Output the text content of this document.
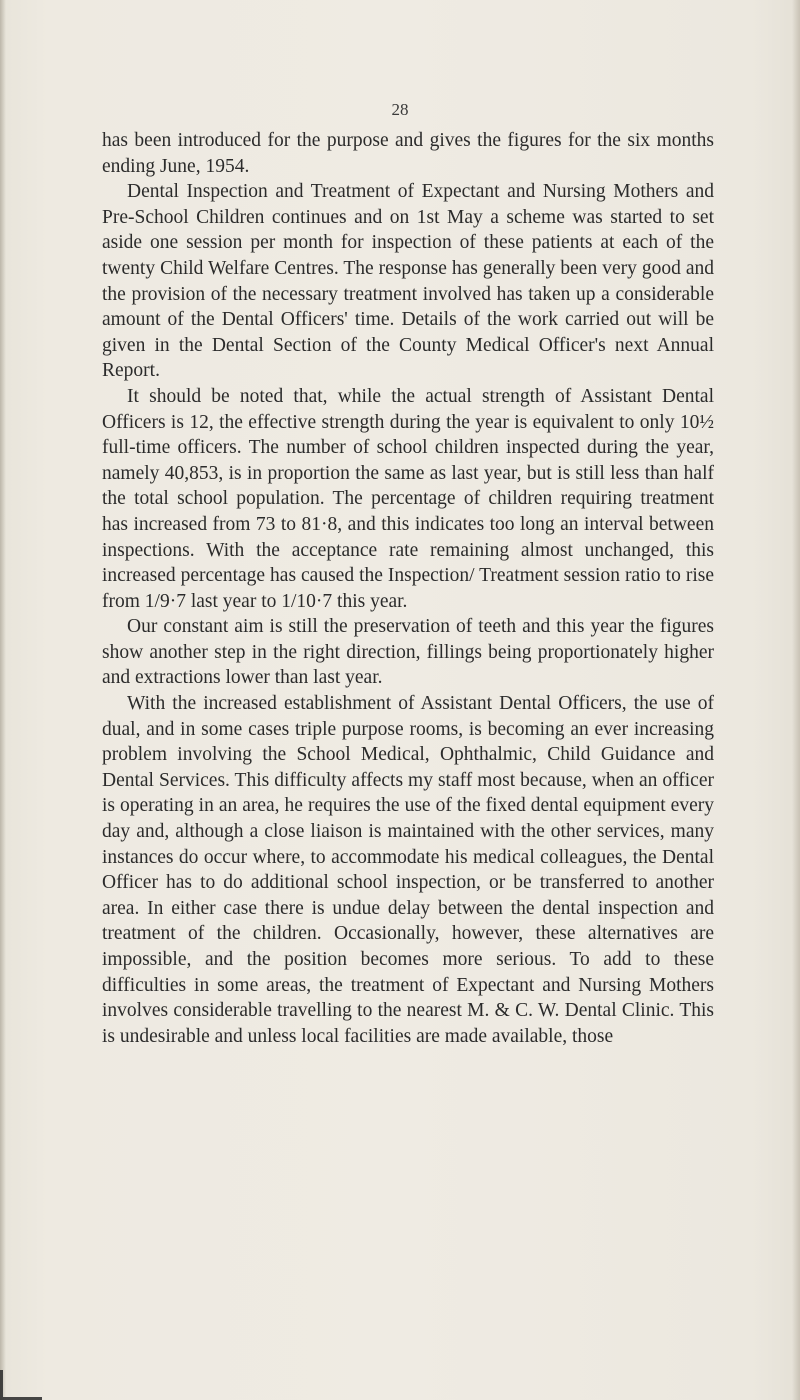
28

has been introduced for the purpose and gives the figures for the six months ending June, 1954.

Dental Inspection and Treatment of Expectant and Nursing Mothers and Pre-School Children continues and on 1st May a scheme was started to set aside one session per month for inspection of these patients at each of the twenty Child Welfare Centres. The response has generally been very good and the provision of the necessary treatment involved has taken up a considerable amount of the Dental Officers' time. Details of the work carried out will be given in the Dental Section of the County Medical Officer's next Annual Report.

It should be noted that, while the actual strength of Assistant Dental Officers is 12, the effective strength during the year is equivalent to only 10½ full-time officers. The number of school children inspected during the year, namely 40,853, is in proportion the same as last year, but is still less than half the total school population. The percentage of children requiring treatment has increased from 73 to 81·8, and this indicates too long an interval between inspections. With the acceptance rate remaining almost unchanged, this increased percentage has caused the Inspection/ Treatment session ratio to rise from 1/9·7 last year to 1/10·7 this year.

Our constant aim is still the preservation of teeth and this year the figures show another step in the right direction, fillings being proportionately higher and extractions lower than last year.

With the increased establishment of Assistant Dental Officers, the use of dual, and in some cases triple purpose rooms, is becoming an ever increasing problem involving the School Medical, Ophthalmic, Child Guidance and Dental Services. This difficulty affects my staff most because, when an officer is operating in an area, he requires the use of the fixed dental equipment every day and, although a close liaison is maintained with the other services, many instances do occur where, to accommodate his medical colleagues, the Dental Officer has to do additional school inspection, or be transferred to another area. In either case there is undue delay between the dental inspection and treatment of the children. Occasionally, however, these alternatives are impossible, and the position becomes more serious. To add to these difficulties in some areas, the treatment of Expectant and Nursing Mothers involves considerable travelling to the nearest M. & C. W. Dental Clinic. This is undesirable and unless local facilities are made available, those
